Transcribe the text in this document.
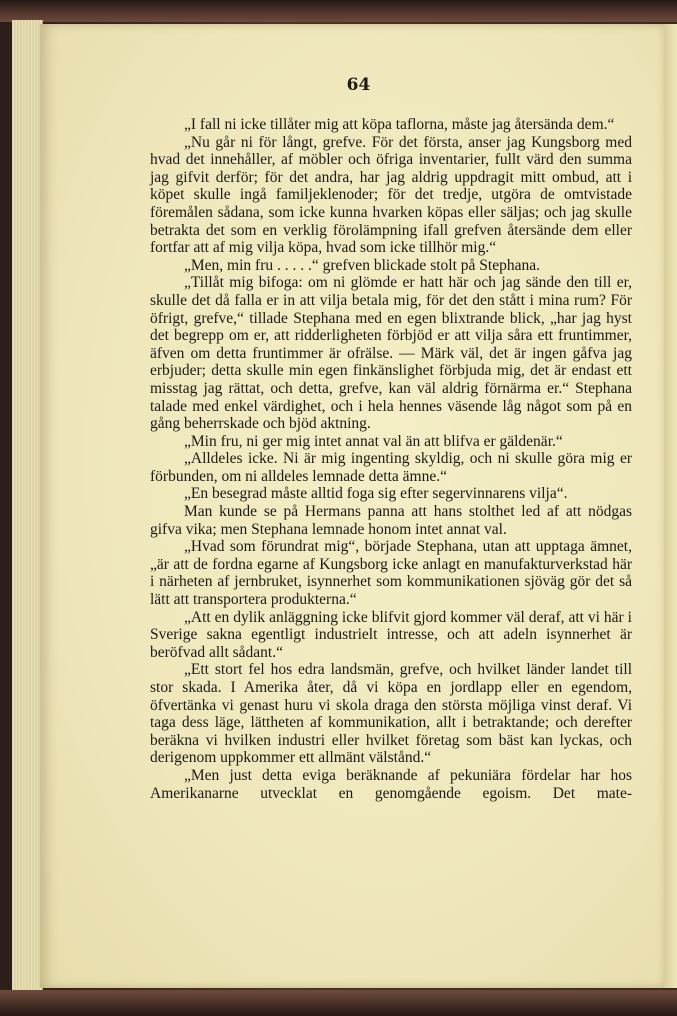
64

„I fall ni icke tillåter mig att köpa taflorna, måste jag återsända dem.“

„Nu går ni för långt, grefve. För det första, anser jag Kungsborg med hvad det innehåller, af möbler och öfriga inventarier, fullt värd den summa jag gifvit derför; för det andra, har jag aldrig uppdragit mitt ombud, att i köpet skulle ingå familjeklenoder; för det tredje, utgöra de omtvistade föremålen sådana, som icke kunna hvarken köpas eller säljas; och jag skulle betrakta det som en verklig förolämpning ifall grefven återsände dem eller fortfar att af mig vilja köpa, hvad som icke tillhör mig.“

„Men, min fru . . . . .“ grefven blickade stolt på Stephana.

„Tillåt mig bifoga: om ni glömde er hatt här och jag sände den till er, skulle det då falla er in att vilja betala mig, för det den stått i mina rum? För öfrigt, grefve,“ tillade Stephana med en egen blixtrande blick, „har jag hyst det begrepp om er, att ridderligheten förbjöd er att vilja såra ett fruntimmer, äfven om detta fruntimmer är ofrälse. — Märk väl, det är ingen gåfva jag erbjuder; detta skulle min egen finkänslighet förbjuda mig, det är endast ett misstag jag rättat, och detta, grefve, kan väl aldrig förnärma er.“ Stephana talade med enkel värdighet, och i hela hennes väsende låg något som på en gång beherrskade och bjöd aktning.

„Min fru, ni ger mig intet annat val än att blifva er gäldenär.“

„Alldeles icke. Ni är mig ingenting skyldig, och ni skulle göra mig er förbunden, om ni alldeles lemnade detta ämne.“

„En besegrad måste alltid foga sig efter segervinnarens vilja“.

Man kunde se på Hermans panna att hans stolthet led af att nödgas gifva vika; men Stephana lemnade honom intet annat val.

„Hvad som förundrat mig“, började Stephana, utan att upptaga ämnet, „är att de fordna egarne af Kungsborg icke anlagt en manufakturverkstad här i närheten af jernbruket, isynnerhet som kommunikationen sjöväg gör det så lätt att transportera produkterna.“

„Att en dylik anläggning icke blifvit gjord kommer väl deraf, att vi här i Sverige sakna egentligt industrielt intresse, och att adeln isynnerhet är beröfvad allt sådant.“

„Ett stort fel hos edra landsmän, grefve, och hvilket länder landet till stor skada. I Amerika åter, då vi köpa en jordlapp eller en egendom, öfvertänka vi genast huru vi skola draga den största möjliga vinst deraf. Vi taga dess läge, lättheten af kommunikation, allt i betraktande; och derefter beräkna vi hvilken industri eller hvilket företag som bäst kan lyckas, och derigenom uppkommer ett allmänt välstånd.“

„Men just detta eviga beräknande af pekuniära fördelar har hos Amerikanarne utvecklat en genomgående egoism. Det mate-
